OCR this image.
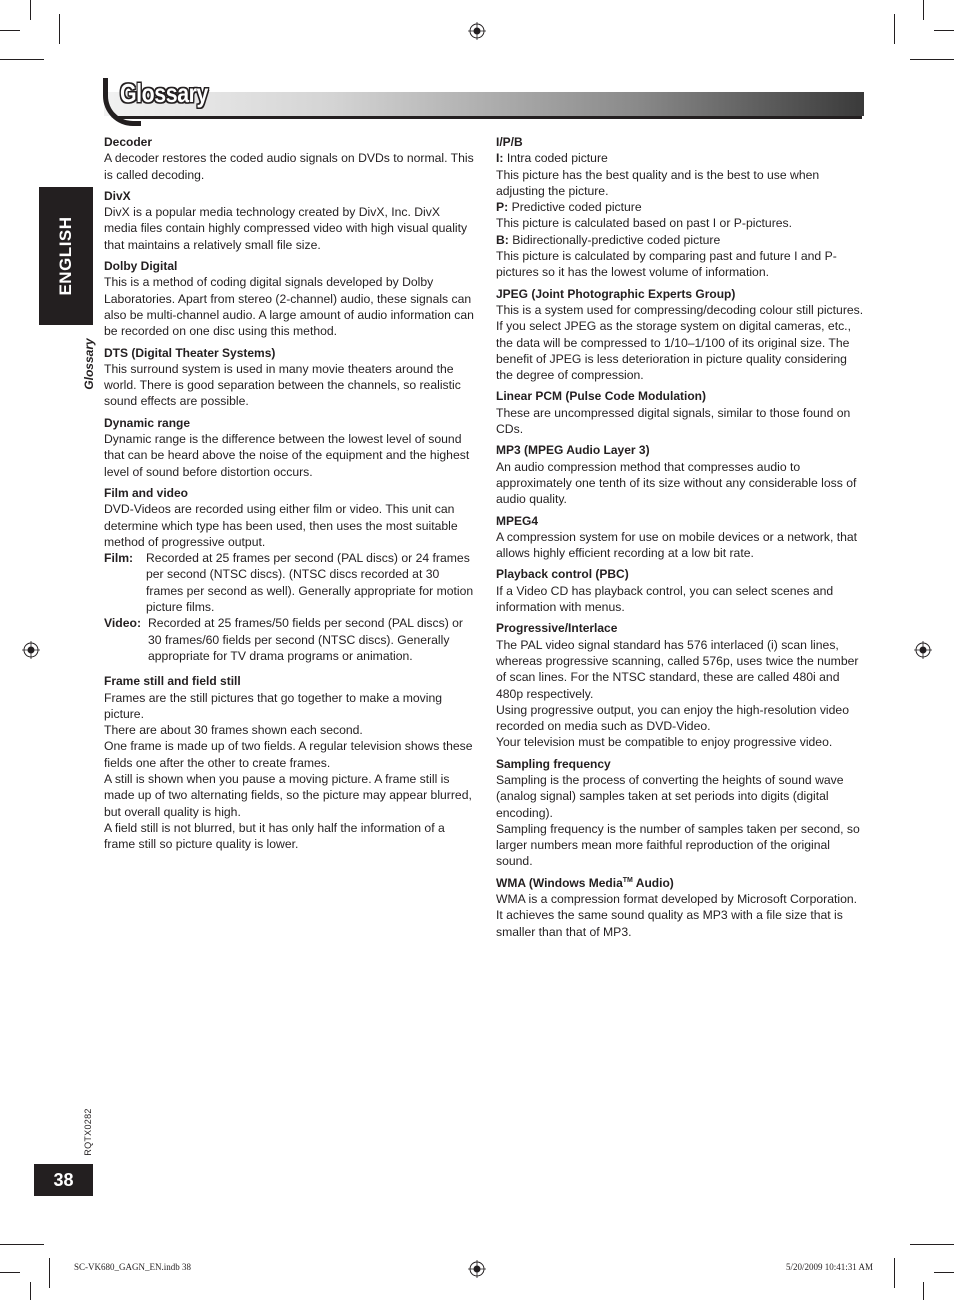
Glossary
ENGLISH
Glossary
RQTX0282
38
SC-VK680_GAGN_EN.indb 38	5/20/2009 10:41:31 AM

Decoder

A decoder restores the coded audio signals on DVDs to normal. This is called decoding.

DivX

DivX is a popular media technology created by DivX, Inc. DivX media files contain highly compressed video with high visual quality that maintains a relatively small file size.

Dolby Digital

This is a method of coding digital signals developed by Dolby Laboratories. Apart from stereo (2-channel) audio, these signals can also be multi-channel audio. A large amount of audio information can be recorded on one disc using this method.

DTS (Digital Theater Systems)

This surround system is used in many movie theaters around the world. There is good separation between the channels, so realistic sound effects are possible.

Dynamic range

Dynamic range is the difference between the lowest level of sound that can be heard above the noise of the equipment and the highest level of sound before distortion occurs.

Film and video

DVD-Videos are recorded using either film or video. This unit can determine which type has been used, then uses the most suitable method of progressive output.

Film:	Recorded at 25 frames per second (PAL discs) or 24 frames per second (NTSC discs). (NTSC discs recorded at 30 frames per second as well). Generally appropriate for motion picture films.
Video: Recorded at 25 frames/50 fields per second (PAL discs) or 30 frames/60 fields per second (NTSC discs). Generally appropriate for TV drama programs or animation.

Frame still and field still

Frames are the still pictures that go together to make a moving picture.

There are about 30 frames shown each second.

One frame is made up of two fields. A regular television shows these fields one after the other to create frames.

A still is shown when you pause a moving picture. A frame still is made up of two alternating fields, so the picture may appear blurred, but overall quality is high.

A field still is not blurred, but it has only half the information of a frame still so picture quality is lower.

I/P/B

I: Intra coded picture

This picture has the best quality and is the best to use when adjusting the picture.

P: Predictive coded picture

This picture is calculated based on past I or P-pictures.

B: Bidirectionally-predictive coded picture

This picture is calculated by comparing past and future I and P-pictures so it has the lowest volume of information.

JPEG (Joint Photographic Experts Group)

This is a system used for compressing/decoding colour still pictures. If you select JPEG as the storage system on digital cameras, etc., the data will be compressed to 1/10–1/100 of its original size. The benefit of JPEG is less deterioration in picture quality considering the degree of compression.

Linear PCM (Pulse Code Modulation)

These are uncompressed digital signals, similar to those found on CDs.

MP3 (MPEG Audio Layer 3)

An audio compression method that compresses audio to approximately one tenth of its size without any considerable loss of audio quality.

MPEG4

A compression system for use on mobile devices or a network, that allows highly efficient recording at a low bit rate.

Playback control (PBC)

If a Video CD has playback control, you can select scenes and information with menus.

Progressive/Interlace

The PAL video signal standard has 576 interlaced (i) scan lines, whereas progressive scanning, called 576p, uses twice the number of scan lines. For the NTSC standard, these are called 480i and 480p respectively.

Using progressive output, you can enjoy the high-resolution video recorded on media such as DVD-Video.

Your television must be compatible to enjoy progressive video.

Sampling frequency

Sampling is the process of converting the heights of sound wave (analog signal) samples taken at set periods into digits (digital encoding).

Sampling frequency is the number of samples taken per second, so larger numbers mean more faithful reproduction of the original sound.

WMA (Windows Media™ Audio)

WMA is a compression format developed by Microsoft Corporation. It achieves the same sound quality as MP3 with a file size that is smaller than that of MP3.
